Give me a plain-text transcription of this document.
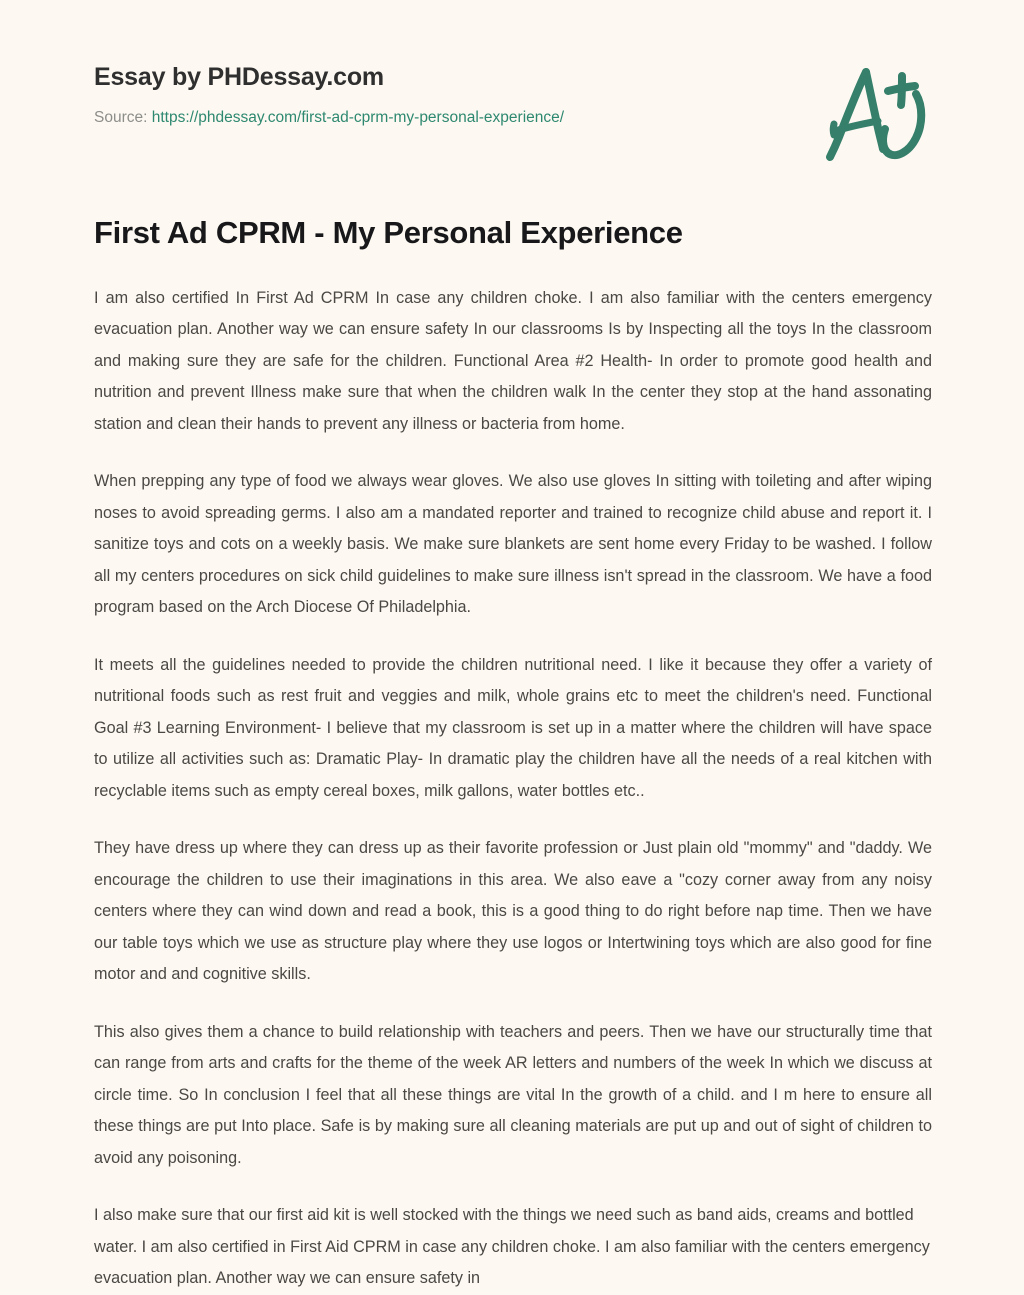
Essay by PHDessay.com
Source: https://phdessay.com/first-ad-cprm-my-personal-experience/
First Ad CPRM - My Personal Experience

I am also certified In First Ad CPRM In case any children choke. I am also familiar with the centers emergency evacuation plan. Another way we can ensure safety In our classrooms Is by Inspecting all the toys In the classroom and making sure they are safe for the children. Functional Area #2 Health- In order to promote good health and nutrition and prevent Illness make sure that when the children walk In the center they stop at the hand assonating station and clean their hands to prevent any illness or bacteria from home.

When prepping any type of food we always wear gloves. We also use gloves In sitting with toileting and after wiping noses to avoid spreading germs. I also am a mandated reporter and trained to recognize child abuse and report it. I sanitize toys and cots on a weekly basis. We make sure blankets are sent home every Friday to be washed. I follow all my centers procedures on sick child guidelines to make sure illness isn't spread in the classroom. We have a food program based on the Arch Diocese Of Philadelphia.

It meets all the guidelines needed to provide the children nutritional need. I like it because they offer a variety of nutritional foods such as rest fruit and veggies and milk, whole grains etc to meet the children's need. Functional Goal #3 Learning Environment- I believe that my classroom is set up in a matter where the children will have space to utilize all activities such as: Dramatic Play- In dramatic play the children have all the needs of a real kitchen with recyclable items such as empty cereal boxes, milk gallons, water bottles etc..

They have dress up where they can dress up as their favorite profession or Just plain old "mommy" and "daddy. We encourage the children to use their imaginations in this area. We also eave a "cozy corner away from any noisy centers where they can wind down and read a book, this is a good thing to do right before nap time. Then we have our table toys which we use as structure play where they use logos or Intertwining toys which are also good for fine motor and and cognitive skills.

This also gives them a chance to build relationship with teachers and peers. Then we have our structurally time that can range from arts and crafts for the theme of the week AR letters and numbers of the week In which we discuss at circle time. So In conclusion I feel that all these things are vital In the growth of a child. and I m here to ensure all these things are put Into place. Safe is by making sure all cleaning materials are put up and out of sight of children to avoid any poisoning.

I also make sure that our first aid kit is well stocked with the things we need such as band aids, creams and bottled water. I am also certified in First Aid CPRM in case any children choke. I am also familiar with the centers emergency evacuation plan. Another way we can ensure safety in
